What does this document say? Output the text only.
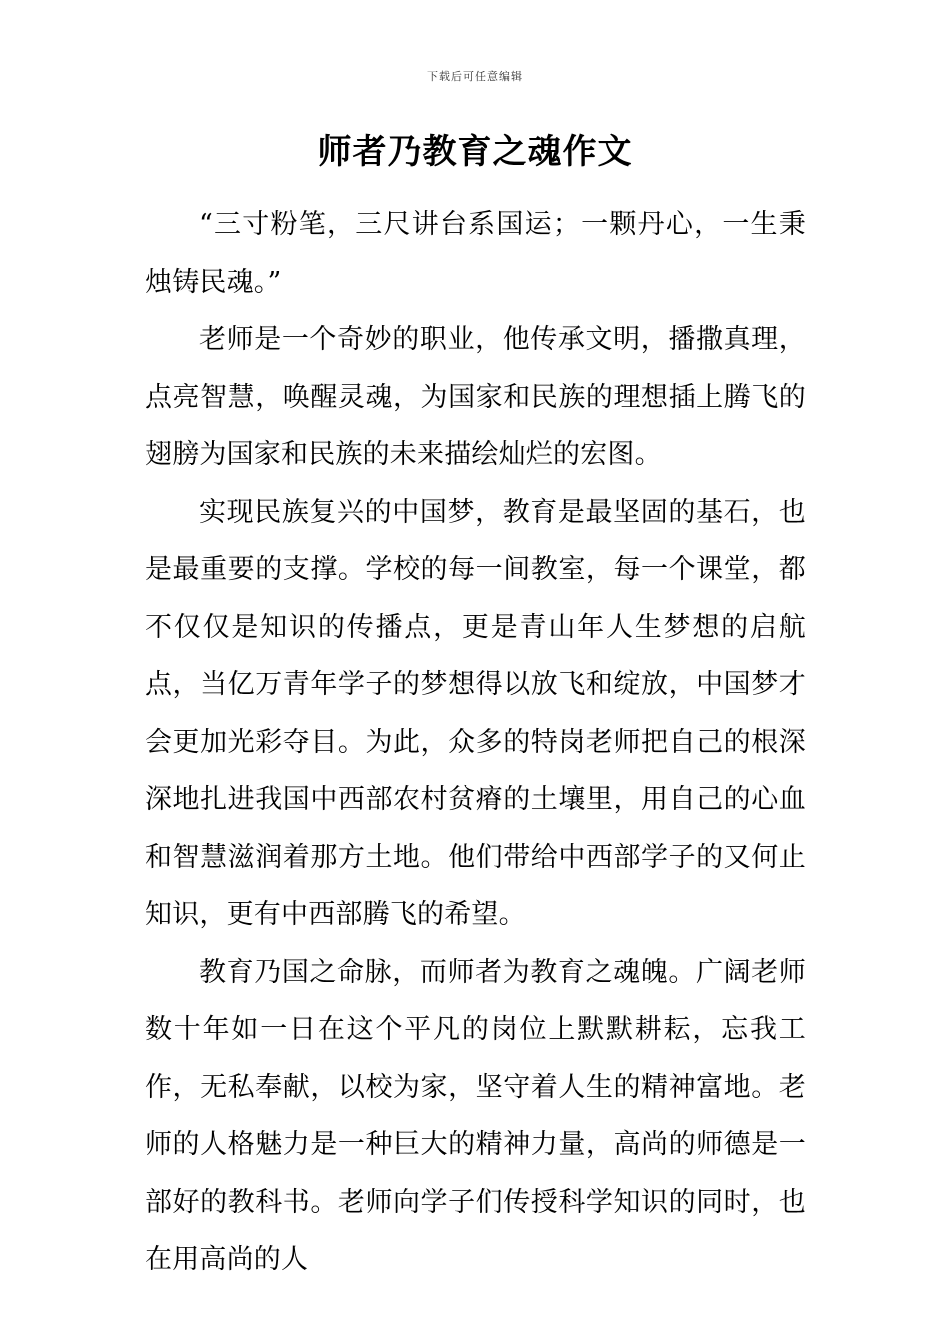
下载后可任意编辑
师者乃教育之魂作文

“三寸粉笔，三尺讲台系国运；一颗丹心，一生秉烛铸民魂。”

老师是一个奇妙的职业，他传承文明，播撒真理，点亮智慧，唤醒灵魂，为国家和民族的理想插上腾飞的翅膀为国家和民族的未来描绘灿烂的宏图。

实现民族复兴的中国梦，教育是最坚固的基石，也是最重要的支撑。学校的每一间教室，每一个课堂，都不仅仅是知识的传播点，更是青山年人生梦想的启航点，当亿万青年学子的梦想得以放飞和绽放，中国梦才会更加光彩夺目。为此，众多的特岗老师把自己的根深深地扎进我国中西部农村贫瘠的土壤里，用自己的心血和智慧滋润着那方土地。他们带给中西部学子的又何止知识，更有中西部腾飞的希望。

教育乃国之命脉，而师者为教育之魂魄。广阔老师数十年如一日在这个平凡的岗位上默默耕耘，忘我工作，无私奉献，以校为家，坚守着人生的精神富地。老师的人格魅力是一种巨大的精神力量，高尚的师德是一部好的教科书。老师向学子们传授科学知识的同时，也在用高尚的人
